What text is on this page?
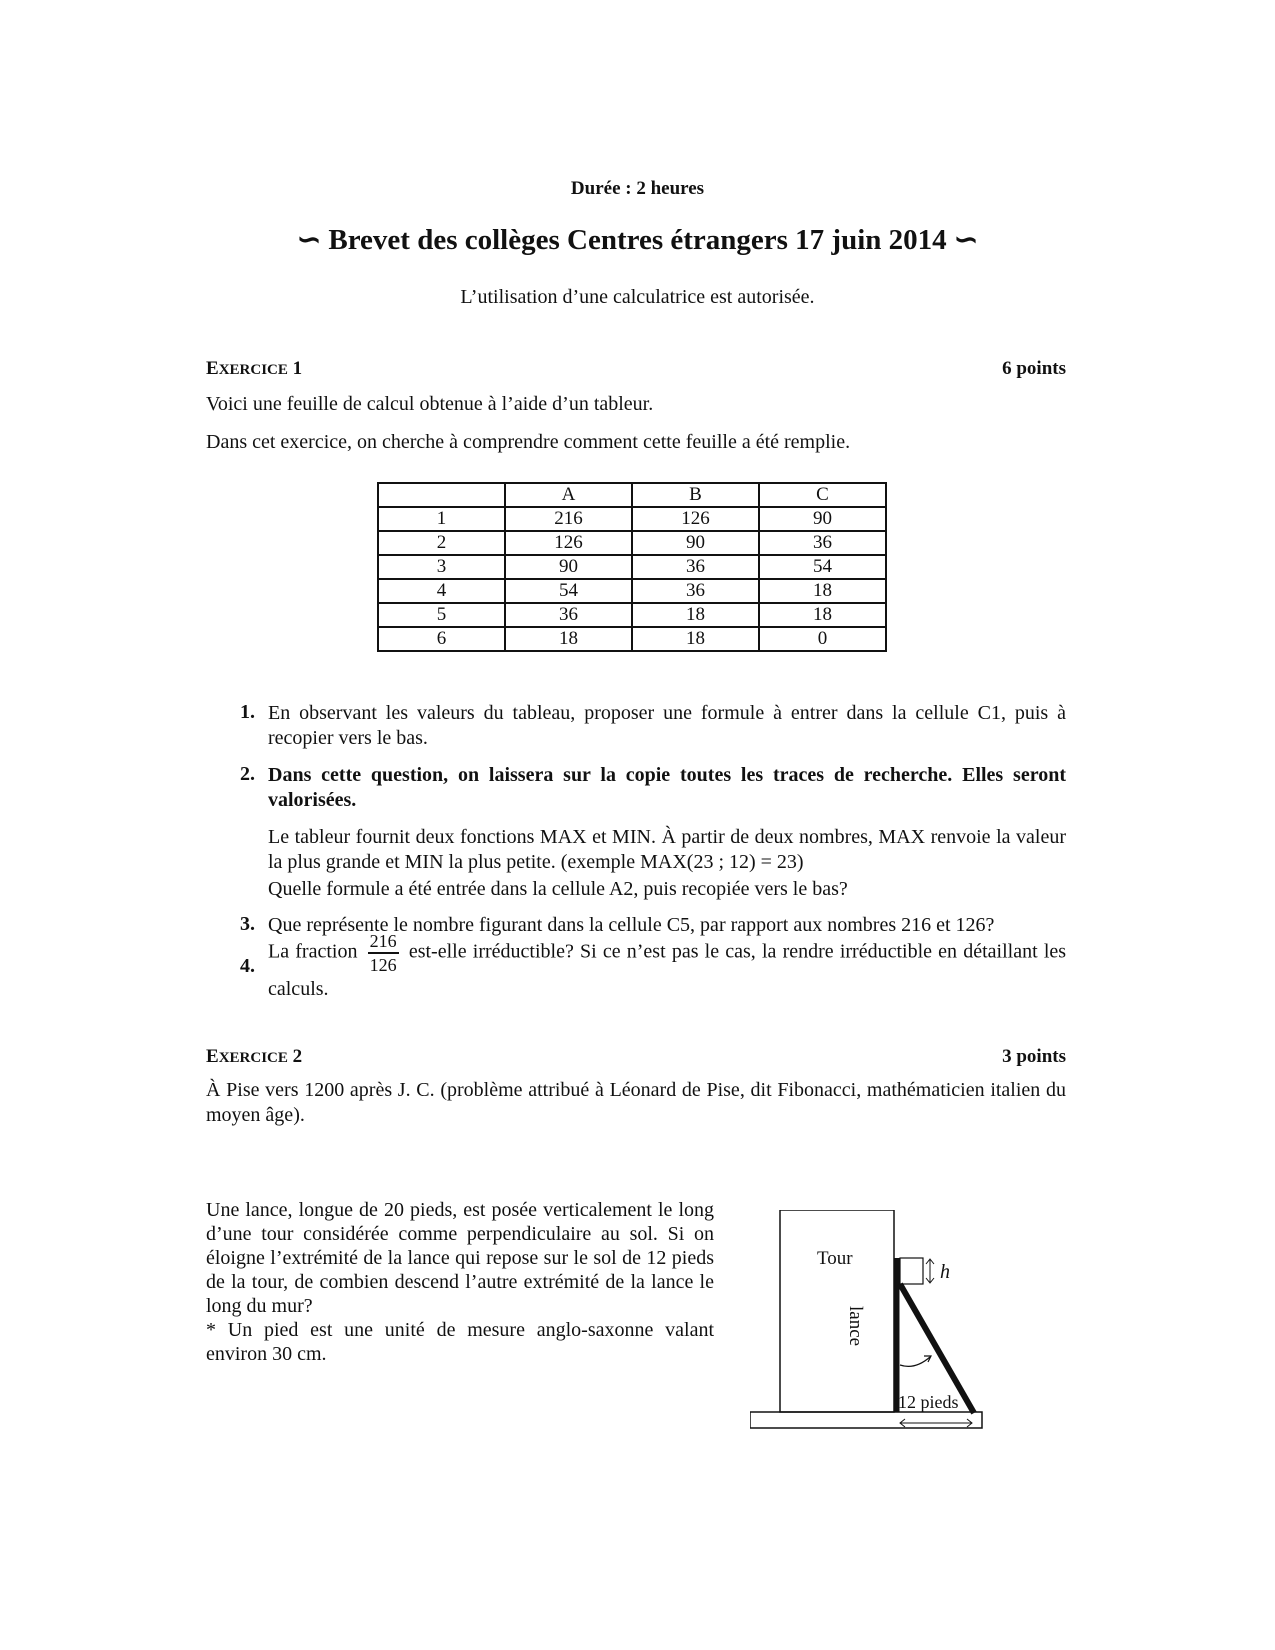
Durée : 2 heures
∽ Brevet des collèges Centres étrangers 17 juin 2014 ∽
L’utilisation d’une calculatrice est autorisée.
EXERCICE 1	6 points
Voici une feuille de calcul obtenue à l’aide d’un tableur.
Dans cet exercice, on cherche à comprendre comment cette feuille a été remplie.
	A	B	C
1	216	126	90
2	126	90	36
3	90	36	54
4	54	36	18
5	36	18	18
6	18	18	0
1. En observant les valeurs du tableau, proposer une formule à entrer dans la cellule C1, puis à recopier vers le bas.
2. Dans cette question, on laissera sur la copie toutes les traces de recherche. Elles seront valorisées.
Le tableur fournit deux fonctions MAX et MIN. À partir de deux nombres, MAX renvoie la valeur la plus grande et MIN la plus petite. (exemple MAX(23 ; 12) = 23)
Quelle formule a été entrée dans la cellule A2, puis recopiée vers le bas?
3. Que représente le nombre figurant dans la cellule C5, par rapport aux nombres 216 et 126?
4.
La fraction $\frac{216}{126}$ est-elle irréductible? Si ce n’est pas le cas, la rendre irréductible en détaillant les calculs.
EXERCICE 2	3 points
À Pise vers 1200 après J. C. (problème attribué à Léonard de Pise, dit Fibonacci, mathématicien italien du moyen âge).
Une lance, longue de 20 pieds, est posée verticalement le long d’une tour considérée comme perpendiculaire au sol. Si on éloigne l’extrémité de la lance qui repose sur le sol de 12 pieds de la tour, de combien descend l’autre extrémité de la lance le long du mur?
* Un pied est une unité de mesure anglo-saxonne valant environ 30 cm.
h
Tour
lance
12 pieds
